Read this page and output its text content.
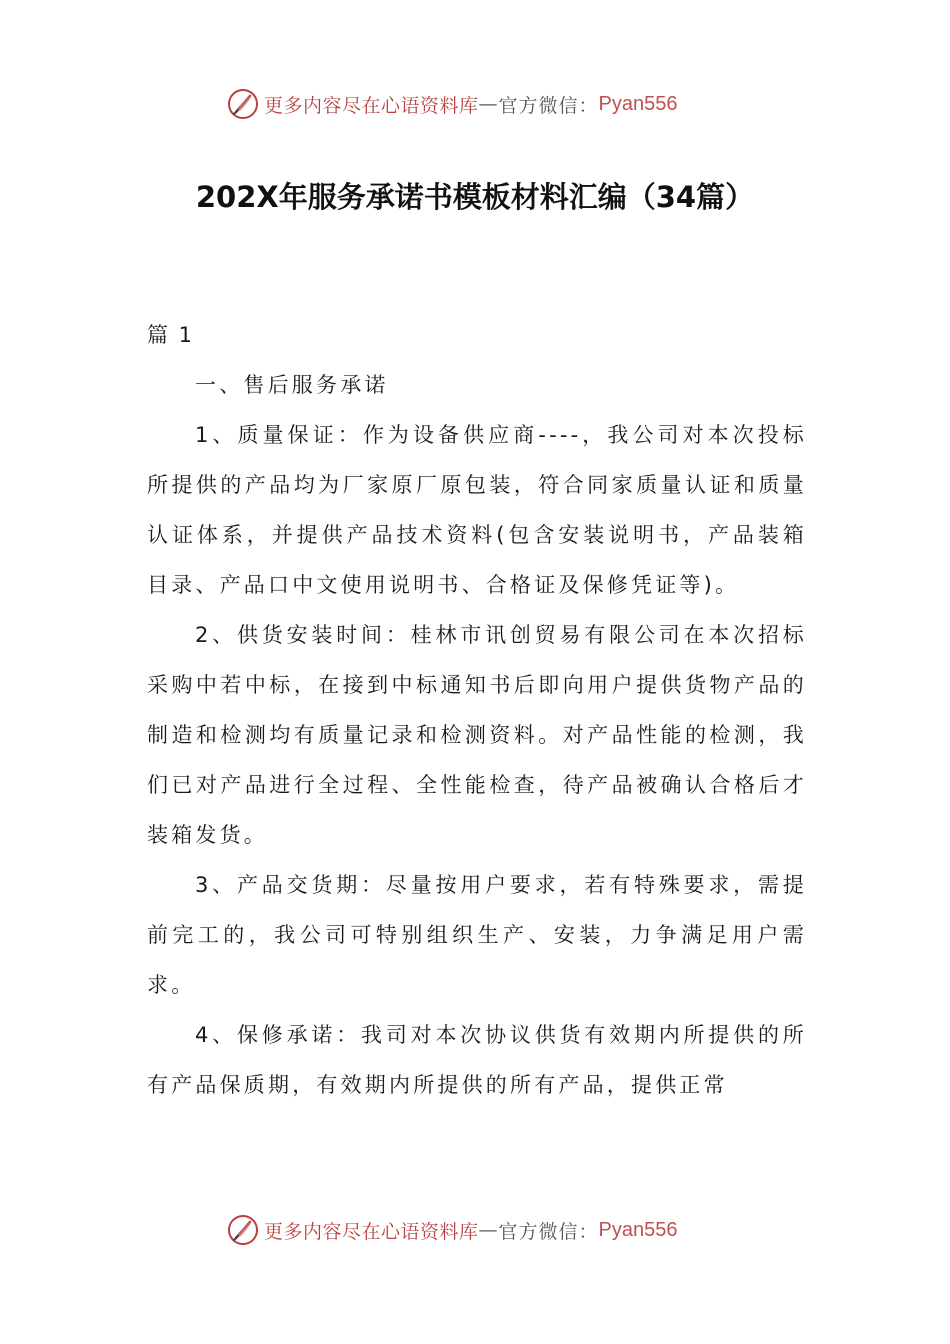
更多内容尽在心语资料库 — 官方微信： Pyan556
202X年服务承诺书模板材料汇编（34篇）

篇 1

一、售后服务承诺

1、质量保证：作为设备供应商----，我公司对本次投标所提供的产品均为厂家原厂原包装，符合同家质量认证和质量认证体系，并提供产品技术资料(包含安装说明书，产品装箱目录、产品口中文使用说明书、合格证及保修凭证等)。

2、供货安装时间：桂林市讯创贸易有限公司在本次招标采购中若中标，在接到中标通知书后即向用户提供货物产品的制造和检测均有质量记录和检测资料。对产品性能的检测，我们已对产品进行全过程、全性能检查，待产品被确认合格后才装箱发货。

3、产品交货期：尽量按用户要求，若有特殊要求，需提前完工的，我公司可特别组织生产、安装，力争满足用户需求。

4、保修承诺：我司对本次协议供货有效期内所提供的所有产品保质期，有效期内所提供的所有产品，提供正常

更多内容尽在心语资料库 — 官方微信： Pyan556
